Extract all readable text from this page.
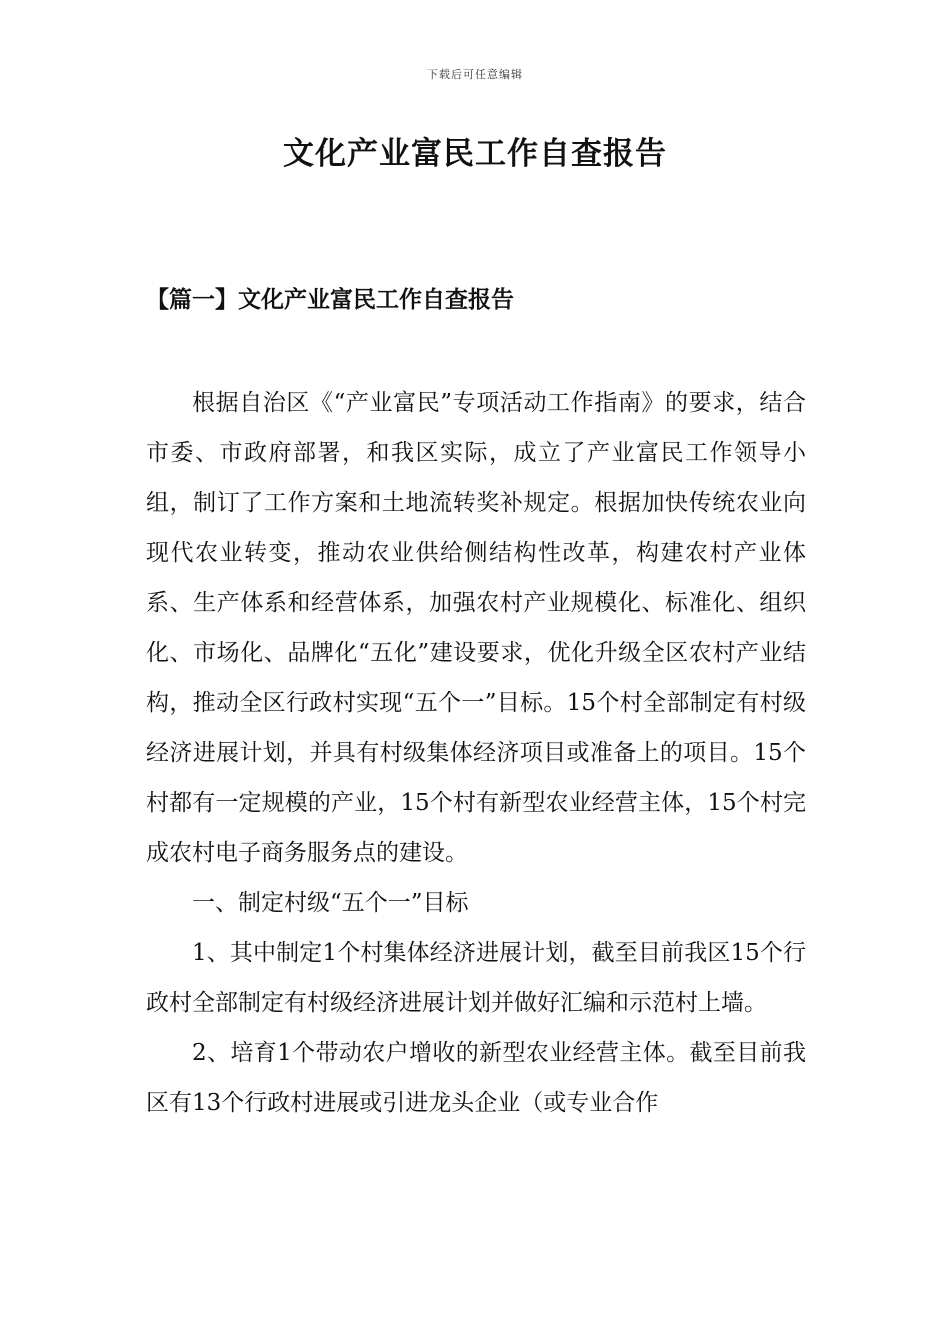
下载后可任意编辑
文化产业富民工作自查报告
【篇一】文化产业富民工作自查报告

根据自治区《“产业富民”专项活动工作指南》的要求，结合市委、市政府部署，和我区实际，成立了产业富民工作领导小组，制订了工作方案和土地流转奖补规定。根据加快传统农业向现代农业转变，推动农业供给侧结构性改革，构建农村产业体系、生产体系和经营体系，加强农村产业规模化、标准化、组织化、市场化、品牌化“五化”建设要求，优化升级全区农村产业结构，推动全区行政村实现“五个一”目标。15个村全部制定有村级经济进展计划，并具有村级集体经济项目或准备上的项目。15个村都有一定规模的产业，15个村有新型农业经营主体，15个村完成农村电子商务服务点的建设。

一、制定村级“五个一”目标

1、其中制定1个村集体经济进展计划，截至目前我区15个行政村全部制定有村级经济进展计划并做好汇编和示范村上墙。

2、培育1个带动农户增收的新型农业经营主体。截至目前我区有13个行政村进展或引进龙头企业（或专业合作
